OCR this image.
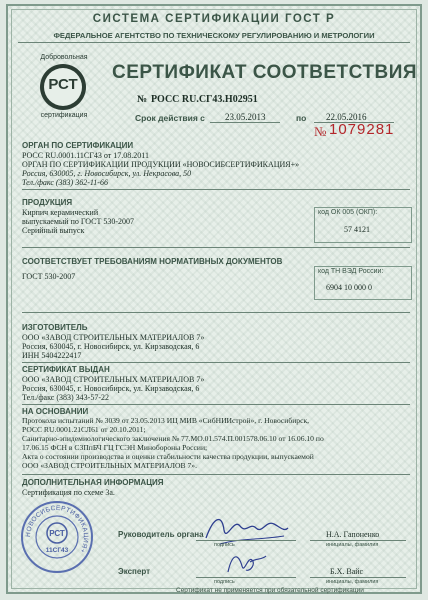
СИСТЕМА СЕРТИФИКАЦИИ ГОСТ Р
ФЕДЕРАЛЬНОЕ АГЕНТСТВО ПО ТЕХНИЧЕСКОМУ РЕГУЛИРОВАНИЮ И МЕТРОЛОГИИ
Добровольная
РСТ
сертификация
СЕРТИФИКАТ СООТВЕТСТВИЯ
№ РОСС RU.СГ43.Н02951
Срок действия с 23.05.2013	по 22.05.2016
№ 1079281
ОРГАН ПО СЕРТИФИКАЦИИ
РОСС RU.0001.11СГ43 от 17.08.2011
ОРГАН ПО СЕРТИФИКАЦИИ ПРОДУКЦИИ «НОВОСИБСЕРТИФИКАЦИЯ+»
Россия, 630005, г. Новосибирск, ул. Некрасова, 50
Тел./факс (383) 362-11-66
ПРОДУКЦИЯ
Кирпич керамический
выпускаемый по ГОСТ 530-2007
Серийный выпуск
код ОК 005 (ОКП):
57 4121
СООТВЕТСТВУЕТ ТРЕБОВАНИЯМ НОРМАТИВНЫХ ДОКУМЕНТОВ
ГОСТ 530-2007
код ТН ВЭД России:
6904 10 000 0
ИЗГОТОВИТЕЛЬ
ООО «ЗАВОД СТРОИТЕЛЬНЫХ МАТЕРИАЛОВ 7»
Россия, 630045, г. Новосибирск, ул. Кирзаводская, 6
ИНН 5404222417
СЕРТИФИКАТ ВЫДАН
ООО «ЗАВОД СТРОИТЕЛЬНЫХ МАТЕРИАЛОВ 7»
Россия, 630045, г. Новосибирск, ул. Кирзаводская, 6
Тел./факс (383) 343-57-22
НА ОСНОВАНИИ
Протокола испытаний № 3039 от 23.05.2013 ИЦ МИВ «СибНИИстрой», г. Новосибирск,
РОСС RU.0001.21СЛ61 от 20.10.2011;
Санитарно-эпидемиологического заключения № 77.МО.01.574.П.001578.06.10 от 16.06.10 по
17.06.15 ФСН в СЗПпБЧ ГЦ ГСЭН Минобороны России;
Акта о состоянии производства и оценки стабильности качества продукции, выпускаемой
ООО «ЗАВОД СТРОИТЕЛЬНЫХ МАТЕРИАЛОВ 7».
ДОПОЛНИТЕЛЬНАЯ ИНФОРМАЦИЯ
Сертификация по схеме 3а.
НОВОСИБСЕРТИФИКАЦИЯ+
РСТ
11СГ43
Руководитель органа
подпись
Н.А. Гапоненко
инициалы, фамилия
Эксперт
подпись
Б.Х. Вайс
инициалы, фамилия
Сертификат не применяется при обязательной сертификации
